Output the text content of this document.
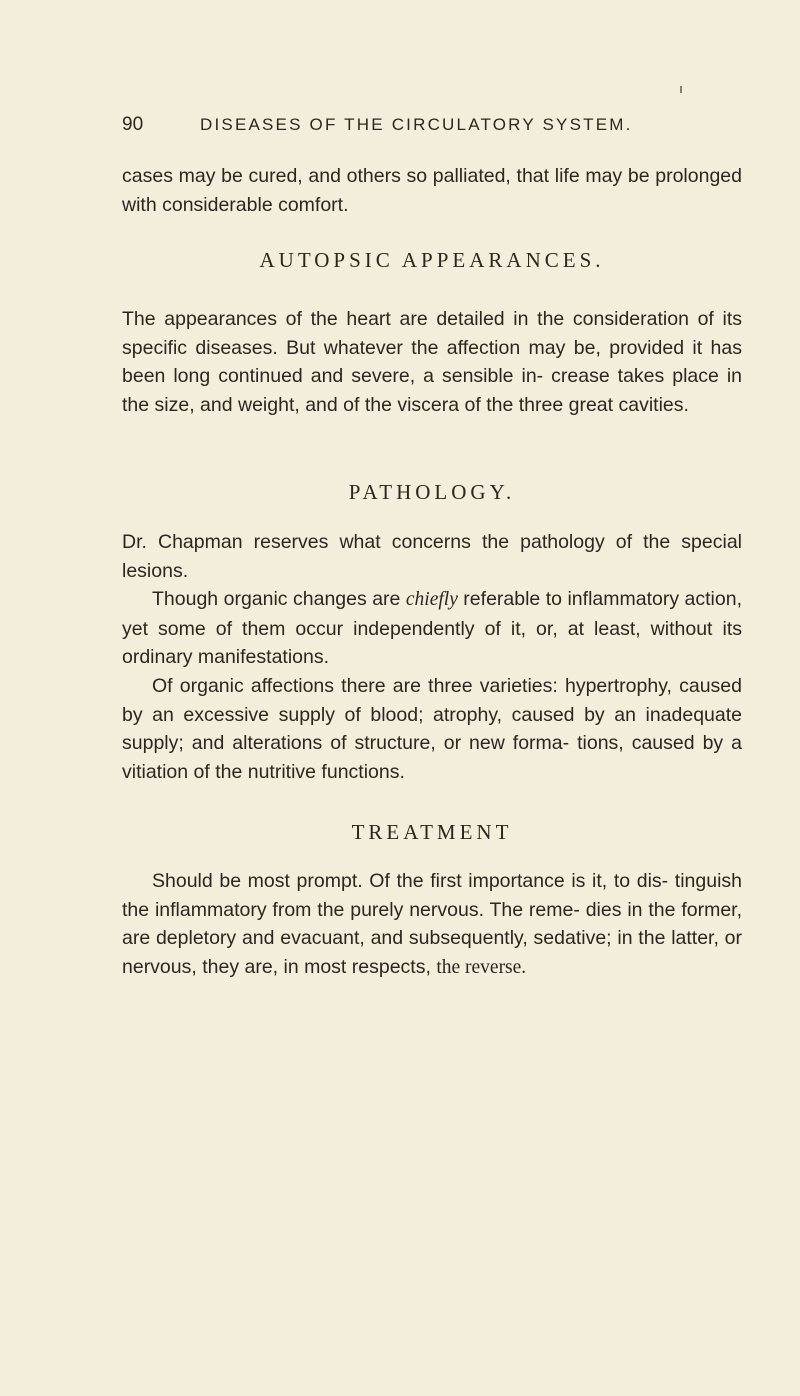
90	DISEASES OF THE CIRCULATORY SYSTEM.

cases may be cured, and others so palliated, that life may be prolonged with considerable comfort.

AUTOPSIC APPEARANCES.

The appearances of the heart are detailed in the consideration of its specific diseases. But whatever the affection may be, provided it has been long continued and severe, a sensible in- crease takes place in the size, and weight, and of the viscera of the three great cavities.

PATHOLOGY.

Dr. Chapman reserves what concerns the pathology of the special lesions.

Though organic changes are chiefly referable to inflammatory action, yet some of them occur independently of it, or, at least, without its ordinary manifestations.

Of organic affections there are three varieties: hypertrophy, caused by an excessive supply of blood; atrophy, caused by an inadequate supply; and alterations of structure, or new forma- tions, caused by a vitiation of the nutritive functions.

TREATMENT

Should be most prompt. Of the first importance is it, to dis- tinguish the inflammatory from the purely nervous. The reme- dies in the former, are depletory and evacuant, and subsequently, sedative; in the latter, or nervous, they are, in most respects, the reverse.
